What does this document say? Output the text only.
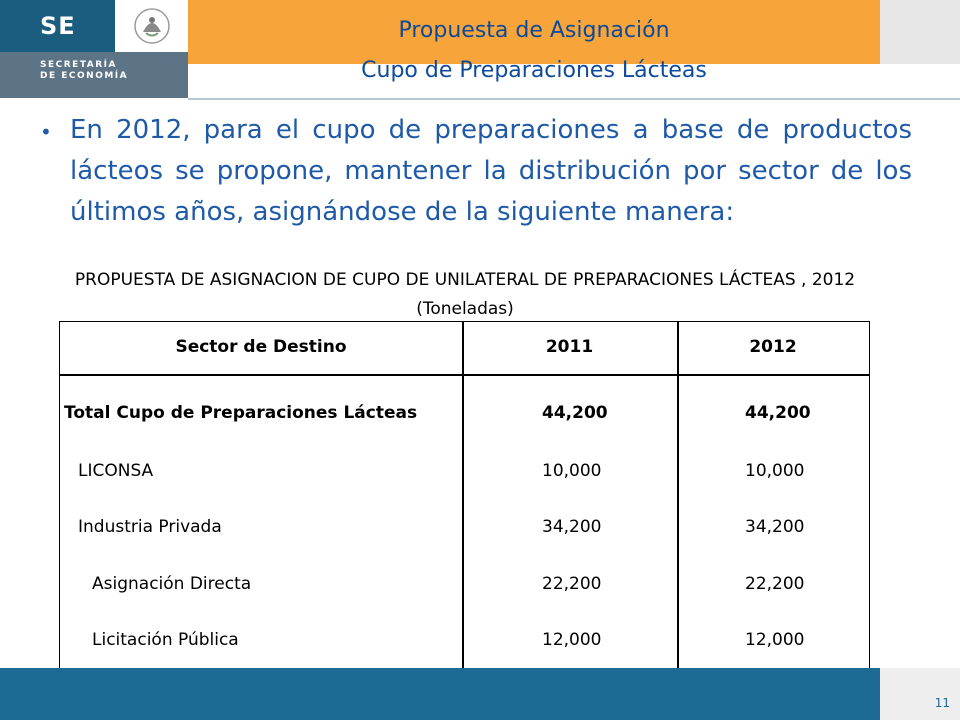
SE
SECRETARÍA
DE ECONOMÍA
Propuesta de Asignación
Cupo de Preparaciones Lácteas
• En 2012, para el cupo de preparaciones a base de productos lácteos se propone, mantener la distribución por sector de los últimos años, asignándose de la siguiente manera:
PROPUESTA DE ASIGNACION DE CUPO DE UNILATERAL DE PREPARACIONES LÁCTEAS , 2012
(Toneladas)
Sector de Destino	2011	2012
Total Cupo de Preparaciones Lácteas	44,200	44,200
LICONSA	10,000	10,000
Industria Privada	34,200	34,200
Asignación Directa	22,200	22,200
Licitación Pública	12,000	12,000
11
